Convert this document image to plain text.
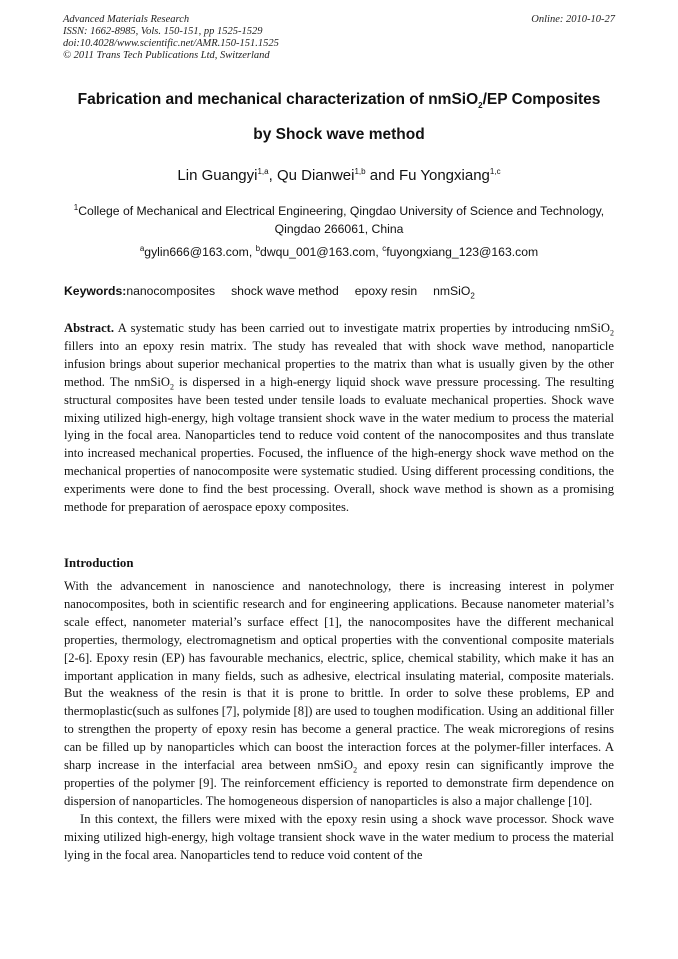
Advanced Materials Research
ISSN: 1662-8985, Vols. 150-151, pp 1525-1529
doi:10.4028/www.scientific.net/AMR.150-151.1525
© 2011 Trans Tech Publications Ltd, Switzerland
Online: 2010-10-27
Fabrication and mechanical characterization of nmSiO$_2$/EP Composites
by Shock wave method
Lin Guangyi$^{1,a}$, Qu Dianwei$^{1,b}$ and Fu Yongxiang$^{1,c}$
$^1$College of Mechanical and Electrical Engineering, Qingdao University of Science and Technology, Qingdao 266061, China
$^a$gylin666@163.com, $^b$dwqu_001@163.com, $^c$fuyongxiang_123@163.com
Keywords:nanocomposites shock wave method epoxy resin nmSiO$_2$
Abstract. A systematic study has been carried out to investigate matrix properties by introducing nmSiO$_2$ fillers into an epoxy resin matrix. The study has revealed that with shock wave method, nanoparticle infusion brings about superior mechanical properties to the matrix than what is usually given by the other method. The nmSiO$_2$ is dispersed in a high-energy liquid shock wave pressure processing. The resulting structural composites have been tested under tensile loads to evaluate mechanical properties. Shock wave mixing utilized high-energy, high voltage transient shock wave in the water medium to process the material lying in the focal area. Nanoparticles tend to reduce void content of the nanocomposites and thus translate into increased mechanical properties. Focused, the influence of the high-energy shock wave method on the mechanical properties of nanocomposite were systematic studied. Using different processing conditions, the experiments were done to find the best processing. Overall, shock wave method is shown as a promising methode for preparation of aerospace epoxy composites.
Introduction

With the advancement in nanoscience and nanotechnology, there is increasing interest in polymer nanocomposites, both in scientific research and for engineering applications. Because nanometer material’s scale effect, nanometer material’s surface effect [1], the nanocomposites have the different mechanical properties, thermology, electromagnetism and optical properties with the conventional composite materials [2-6]. Epoxy resin (EP) has favourable mechanics, electric, splice, chemical stability, which make it has an important application in many fields, such as adhesive, electrical insulating material, composite materials. But the weakness of the resin is that it is prone to brittle. In order to solve these problems, EP and thermoplastic(such as sulfones [7], polymide [8]) are used to toughen modification. Using an additional filler to strengthen the property of epoxy resin has become a general practice. The weak microregions of resins can be filled up by nanoparticles which can boost the interaction forces at the polymer-filler interfaces. A sharp increase in the interfacial area between nmSiO$_2$ and epoxy resin can significantly improve the properties of the polymer [9]. The reinforcement efficiency is reported to demonstrate firm dependence on dispersion of nanoparticles. The homogeneous dispersion of nanoparticles is also a major challenge [10].

In this context, the fillers were mixed with the epoxy resin using a shock wave processor. Shock wave mixing utilized high-energy, high voltage transient shock wave in the water medium to process the material lying in the focal area. Nanoparticles tend to reduce void content of the
